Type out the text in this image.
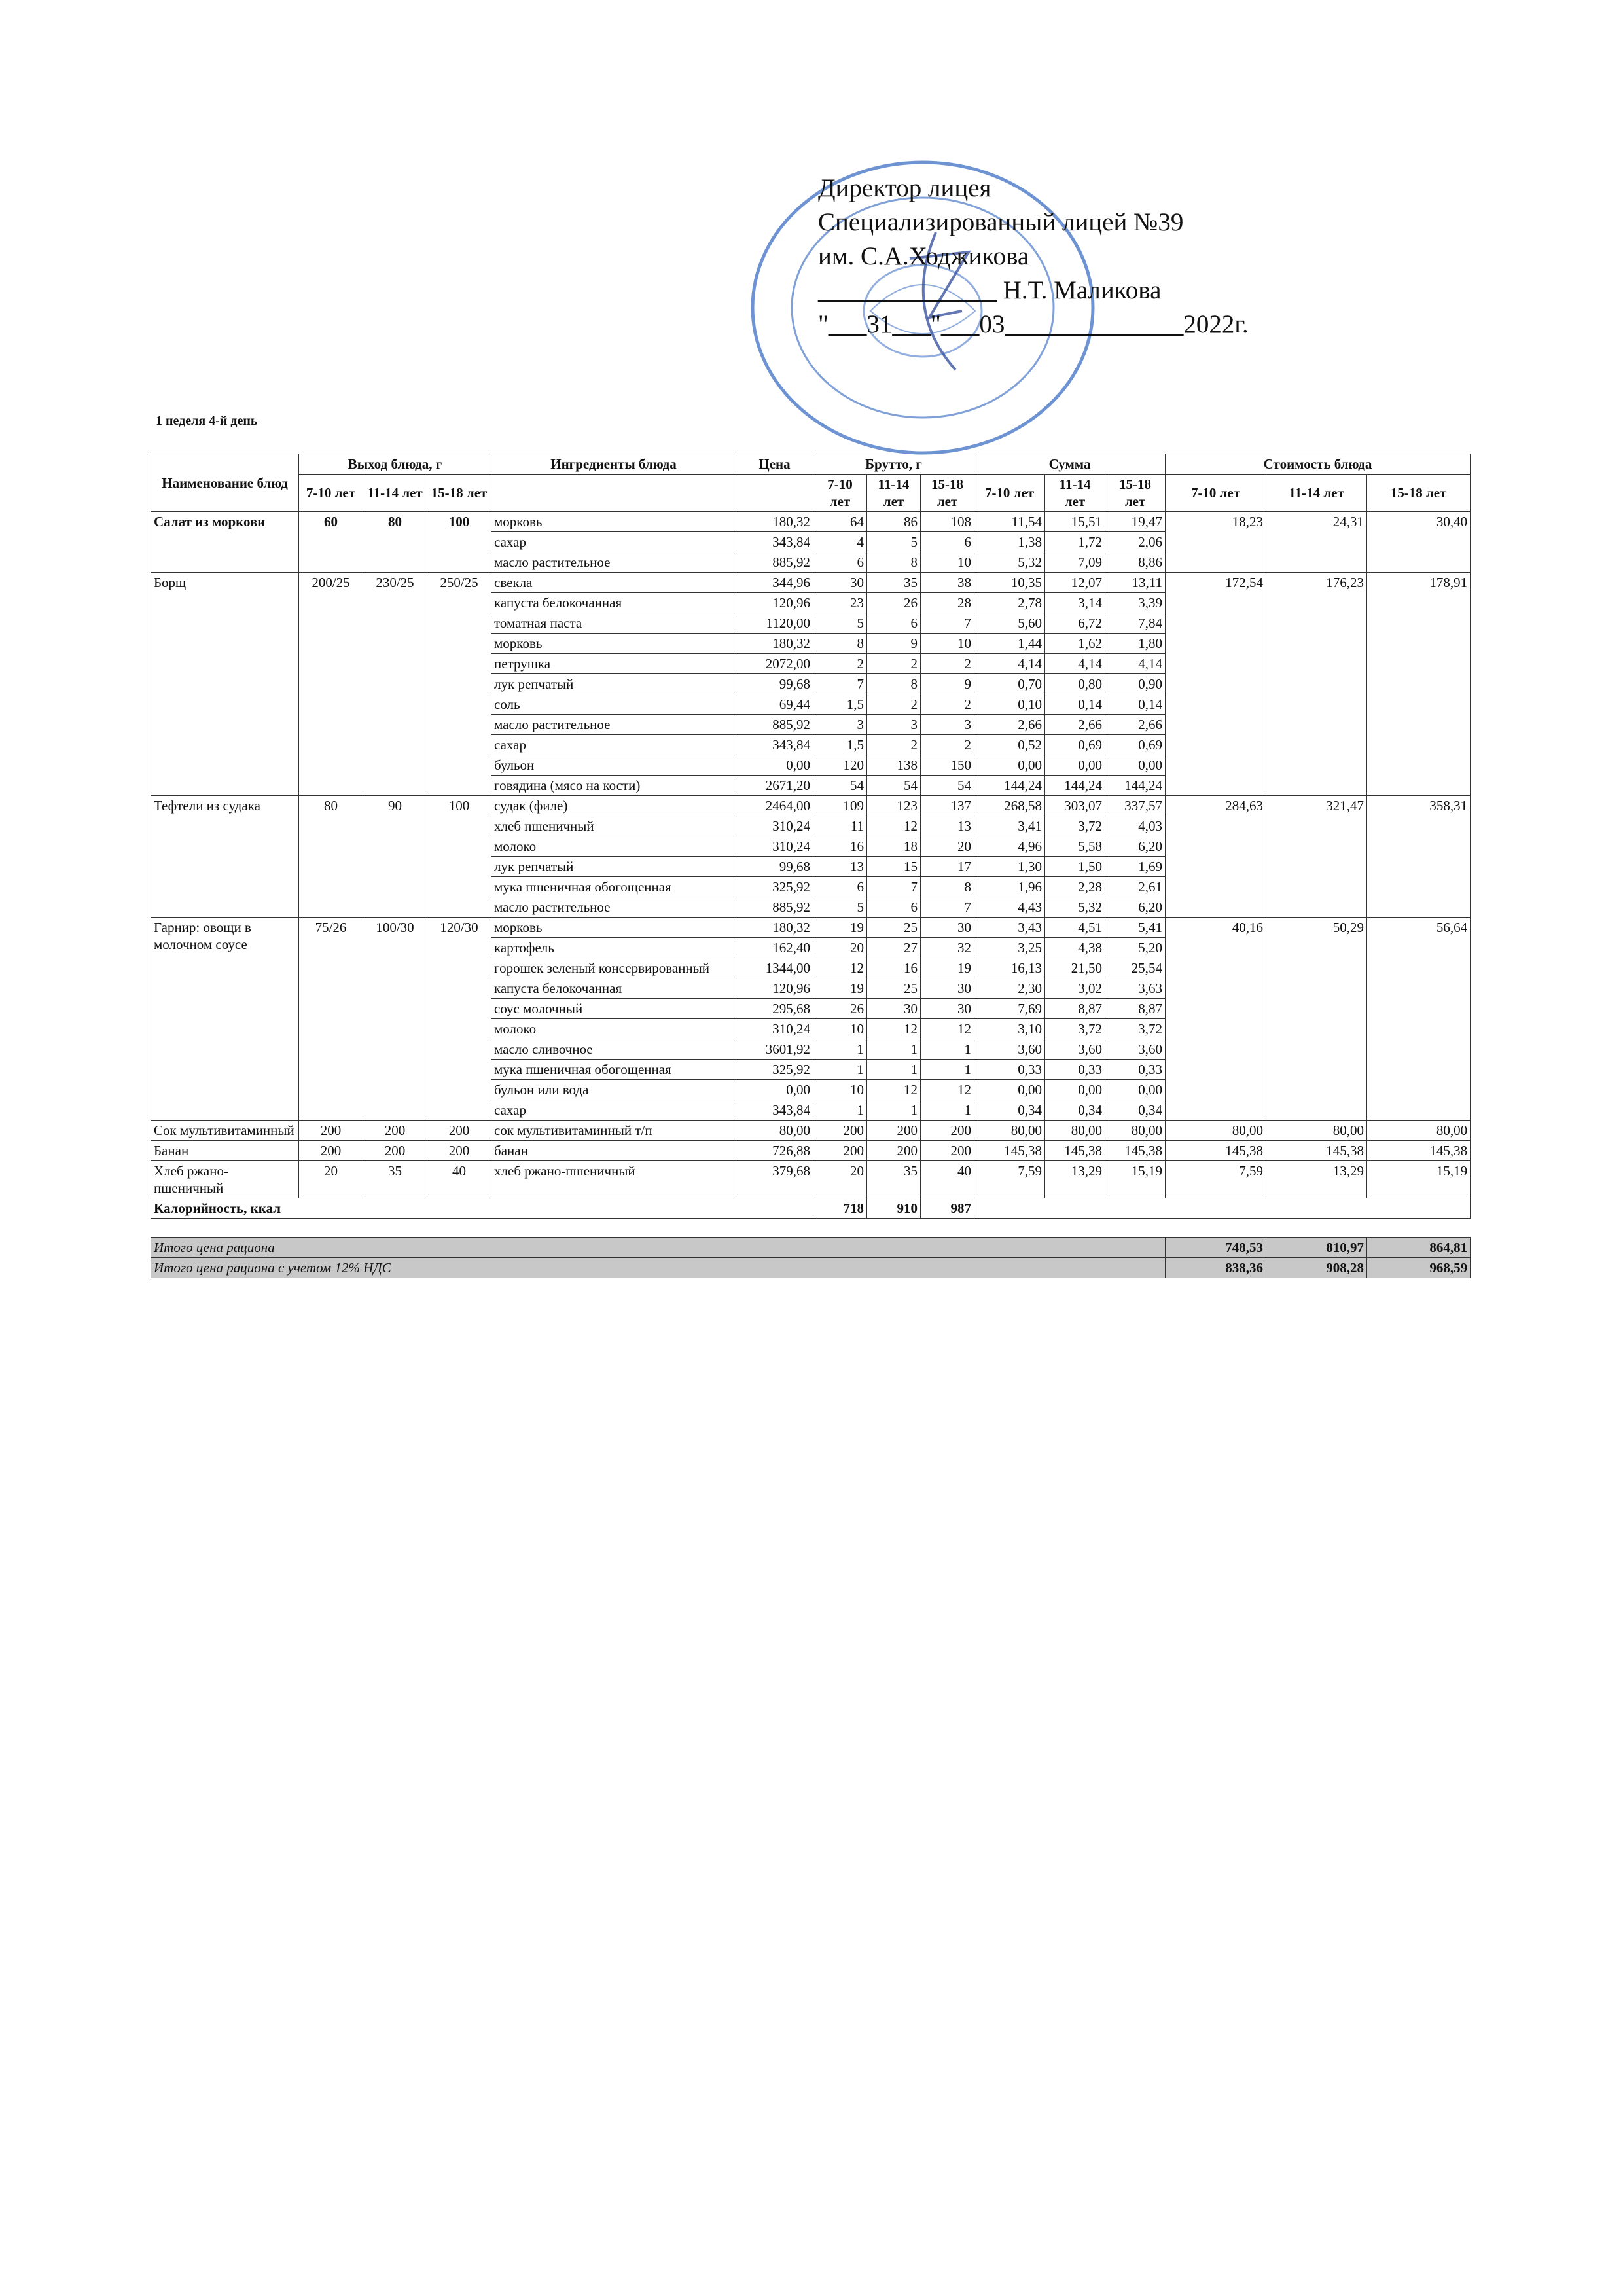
Директор лицея
Специализированный лицей №39
им. С.А.Ходжикова
______________ Н.Т. Маликова
"___31___"___03______________2022г.
1 неделя 4-й день
Наименование блюд	Выход блюда, г			Ингредиенты блюда	Цена	Брутто, г			Сумма			Стоимость блюда		
	7-10 лет	11-14 лет	15-18 лет			7-10 лет	11-14 лет	15-18 лет	7-10 лет	11-14 лет	15-18 лет	7-10 лет	11-14 лет	15-18 лет
Салат из моркови	60	80	100	морковь	180,32	64	86	108	11,54	15,51	19,47	18,23	24,31	30,40
				сахар	343,84	4	5	6	1,38	1,72	2,06			
				масло растительное	885,92	6	8	10	5,32	7,09	8,86			
Борщ	200/25	230/25	250/25	свекла	344,96	30	35	38	10,35	12,07	13,11	172,54	176,23	178,91
				капуста белокочанная	120,96	23	26	28	2,78	3,14	3,39			
				томатная паста	1120,00	5	6	7	5,60	6,72	7,84			
				морковь	180,32	8	9	10	1,44	1,62	1,80			
				петрушка	2072,00	2	2	2	4,14	4,14	4,14			
				лук репчатый	99,68	7	8	9	0,70	0,80	0,90			
				соль	69,44	1,5	2	2	0,10	0,14	0,14			
				масло растительное	885,92	3	3	3	2,66	2,66	2,66			
				сахар	343,84	1,5	2	2	0,52	0,69	0,69			
				бульон	0,00	120	138	150	0,00	0,00	0,00			
				говядина (мясо на кости)	2671,20	54	54	54	144,24	144,24	144,24			
Тефтели из судака	80	90	100	судак (филе)	2464,00	109	123	137	268,58	303,07	337,57	284,63	321,47	358,31
				хлеб пшеничный	310,24	11	12	13	3,41	3,72	4,03			
				молоко	310,24	16	18	20	4,96	5,58	6,20			
				лук репчатый	99,68	13	15	17	1,30	1,50	1,69			
				мука пшеничная обогощенная	325,92	6	7	8	1,96	2,28	2,61			
				масло растительное	885,92	5	6	7	4,43	5,32	6,20			
Гарнир: овощи в молочном соусе	75/26	100/30	120/30	морковь	180,32	19	25	30	3,43	4,51	5,41	40,16	50,29	56,64
				картофель	162,40	20	27	32	3,25	4,38	5,20			
				горошек зеленый консервированный	1344,00	12	16	19	16,13	21,50	25,54			
				капуста белокочанная	120,96	19	25	30	2,30	3,02	3,63			
				соус молочный	295,68	26	30	30	7,69	8,87	8,87			
				молоко	310,24	10	12	12	3,10	3,72	3,72			
				масло сливочное	3601,92	1	1	1	3,60	3,60	3,60			
				мука пшеничная обогощенная	325,92	1	1	1	0,33	0,33	0,33			
				бульон или вода	0,00	10	12	12	0,00	0,00	0,00			
				сахар	343,84	1	1	1	0,34	0,34	0,34			
Сок мультивитаминный	200	200	200	сок мультивитаминный т/п	80,00	200	200	200	80,00	80,00	80,00	80,00	80,00	80,00
Банан	200	200	200	банан	726,88	200	200	200	145,38	145,38	145,38	145,38	145,38	145,38
Хлеб ржано-пшеничный	20	35	40	хлеб ржано-пшеничный	379,68	20	35	40	7,59	13,29	15,19	7,59	13,29	15,19
Калорийность, ккал						718	910	987						

Итого цена рациона												748,53	810,97	864,81
Итого цена рациона с учетом 12% НДС												838,36	908,28	968,59
